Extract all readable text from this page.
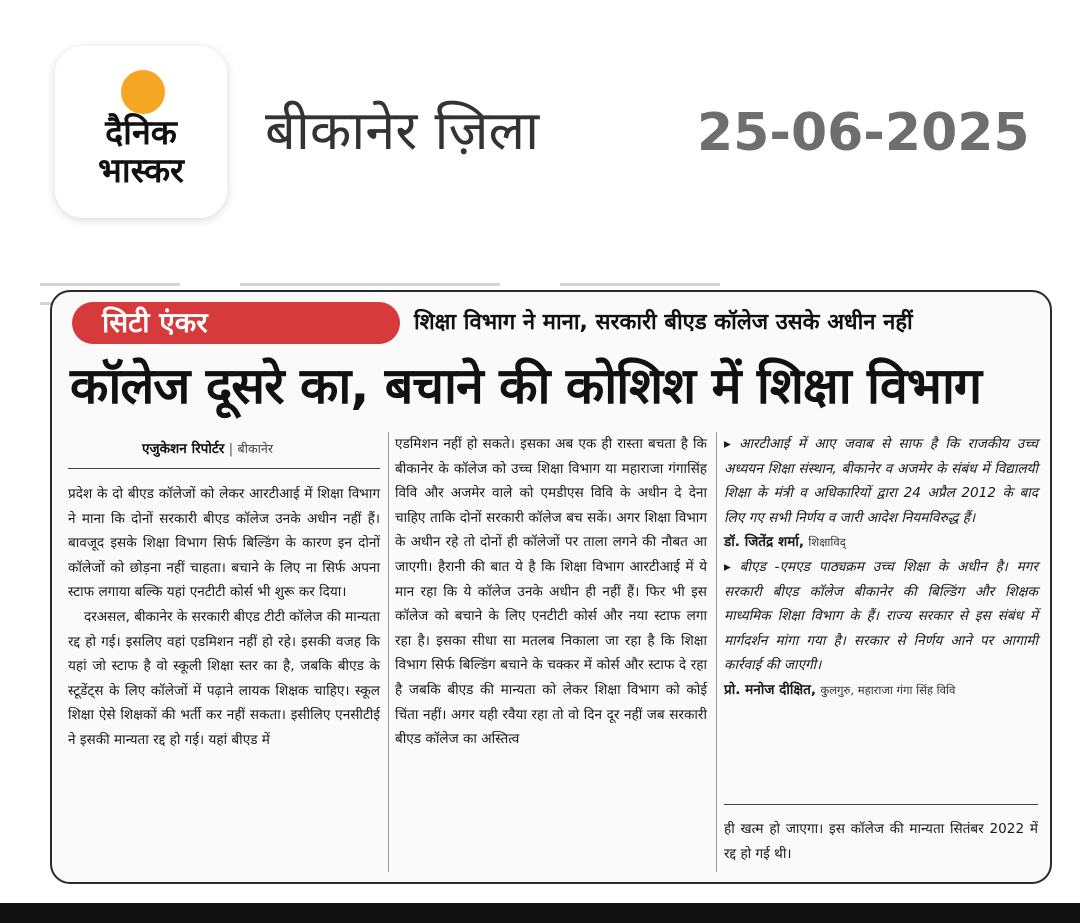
दैनिक
भास्कर
बीकानेर ज़िला	25-06-2025
सिटी एंकर	शिक्षा विभाग ने माना, सरकारी बीएड कॉलेज उसके अधीन नहीं
कॉलेज दूसरे का, बचाने की कोशिश में शिक्षा विभाग
एजुकेशन रिपोर्टर | बीकानेर

प्रदेश के दो बीएड कॉलेजों को लेकर आरटीआई में शिक्षा विभाग ने माना कि दोनों सरकारी बीएड कॉलेज उनके अधीन नहीं हैं। बावजूद इसके शिक्षा विभाग सिर्फ बिल्डिंग के कारण इन दोनों कॉलेजों को छोड़ना नहीं चाहता। बचाने के लिए ना सिर्फ अपना स्टाफ लगाया बल्कि यहां एनटीटी कोर्स भी शुरू कर दिया।

दरअसल, बीकानेर के सरकारी बीएड टीटी कॉलेज की मान्यता रद्द हो गई। इसलिए वहां एडमिशन नहीं हो रहे। इसकी वजह कि यहां जो स्टाफ है वो स्कूली शिक्षा स्तर का है, जबकि बीएड के स्टूडेंट्स के लिए कॉलेजों में पढ़ाने लायक शिक्षक चाहिए। स्कूल शिक्षा ऐसे शिक्षकों की भर्ती कर नहीं सकता। इसीलिए एनसीटीई ने इसकी मान्यता रद्द हो गई। यहां बीएड में

एडमिशन नहीं हो सकते। इसका अब एक ही रास्ता बचता है कि बीकानेर के कॉलेज को उच्च शिक्षा विभाग या महाराजा गंगासिंह विवि और अजमेर वाले को एमडीएस विवि के अधीन दे देना चाहिए ताकि दोनों सरकारी कॉलेज बच सकें। अगर शिक्षा विभाग के अधीन रहे तो दोनों ही कॉलेजों पर ताला लगने की नौबत आ जाएगी। हैरानी की बात ये है कि शिक्षा विभाग आरटीआई में ये मान रहा कि ये कॉलेज उनके अधीन ही नहीं हैं। फिर भी इस कॉलेज को बचाने के लिए एनटीटी कोर्स और नया स्टाफ लगा रहा है। इसका सीधा सा मतलब निकाला जा रहा है कि शिक्षा विभाग सिर्फ बिल्डिंग बचाने के चक्कर में कोर्स और स्टाफ दे रहा है जबकि बीएड की मान्यता को लेकर शिक्षा विभाग को कोई चिंता नहीं। अगर यही रवैया रहा तो वो दिन दूर नहीं जब सरकारी बीएड कॉलेज का अस्तित्व

▸ आरटीआई में आए जवाब से साफ है कि राजकीय उच्च अध्ययन शिक्षा संस्थान, बीकानेर व अजमेर के संबंध में विद्यालयी शिक्षा के मंत्री व अधिकारियों द्वारा 24 अप्रैल 2012 के बाद लिए गए सभी निर्णय व जारी आदेश नियमविरुद्ध हैं।
डॉ. जितेंद्र शर्मा, शिक्षाविद्
▸ बीएड -एमएड पाठ्यक्रम उच्च शिक्षा के अधीन है। मगर सरकारी बीएड कॉलेज बीकानेर की बिल्डिंग और शिक्षक माध्यमिक शिक्षा विभाग के हैं। राज्य सरकार से इस संबंध में मार्गदर्शन मांगा गया है। सरकार से निर्णय आने पर आगामी कार्रवाई की जाएगी।
प्रो. मनोज दीक्षित, कुलगुरु, महाराजा गंगा सिंह विवि
ही खत्म हो जाएगा। इस कॉलेज की मान्यता सितंबर 2022 में रद्द हो गई थी।
